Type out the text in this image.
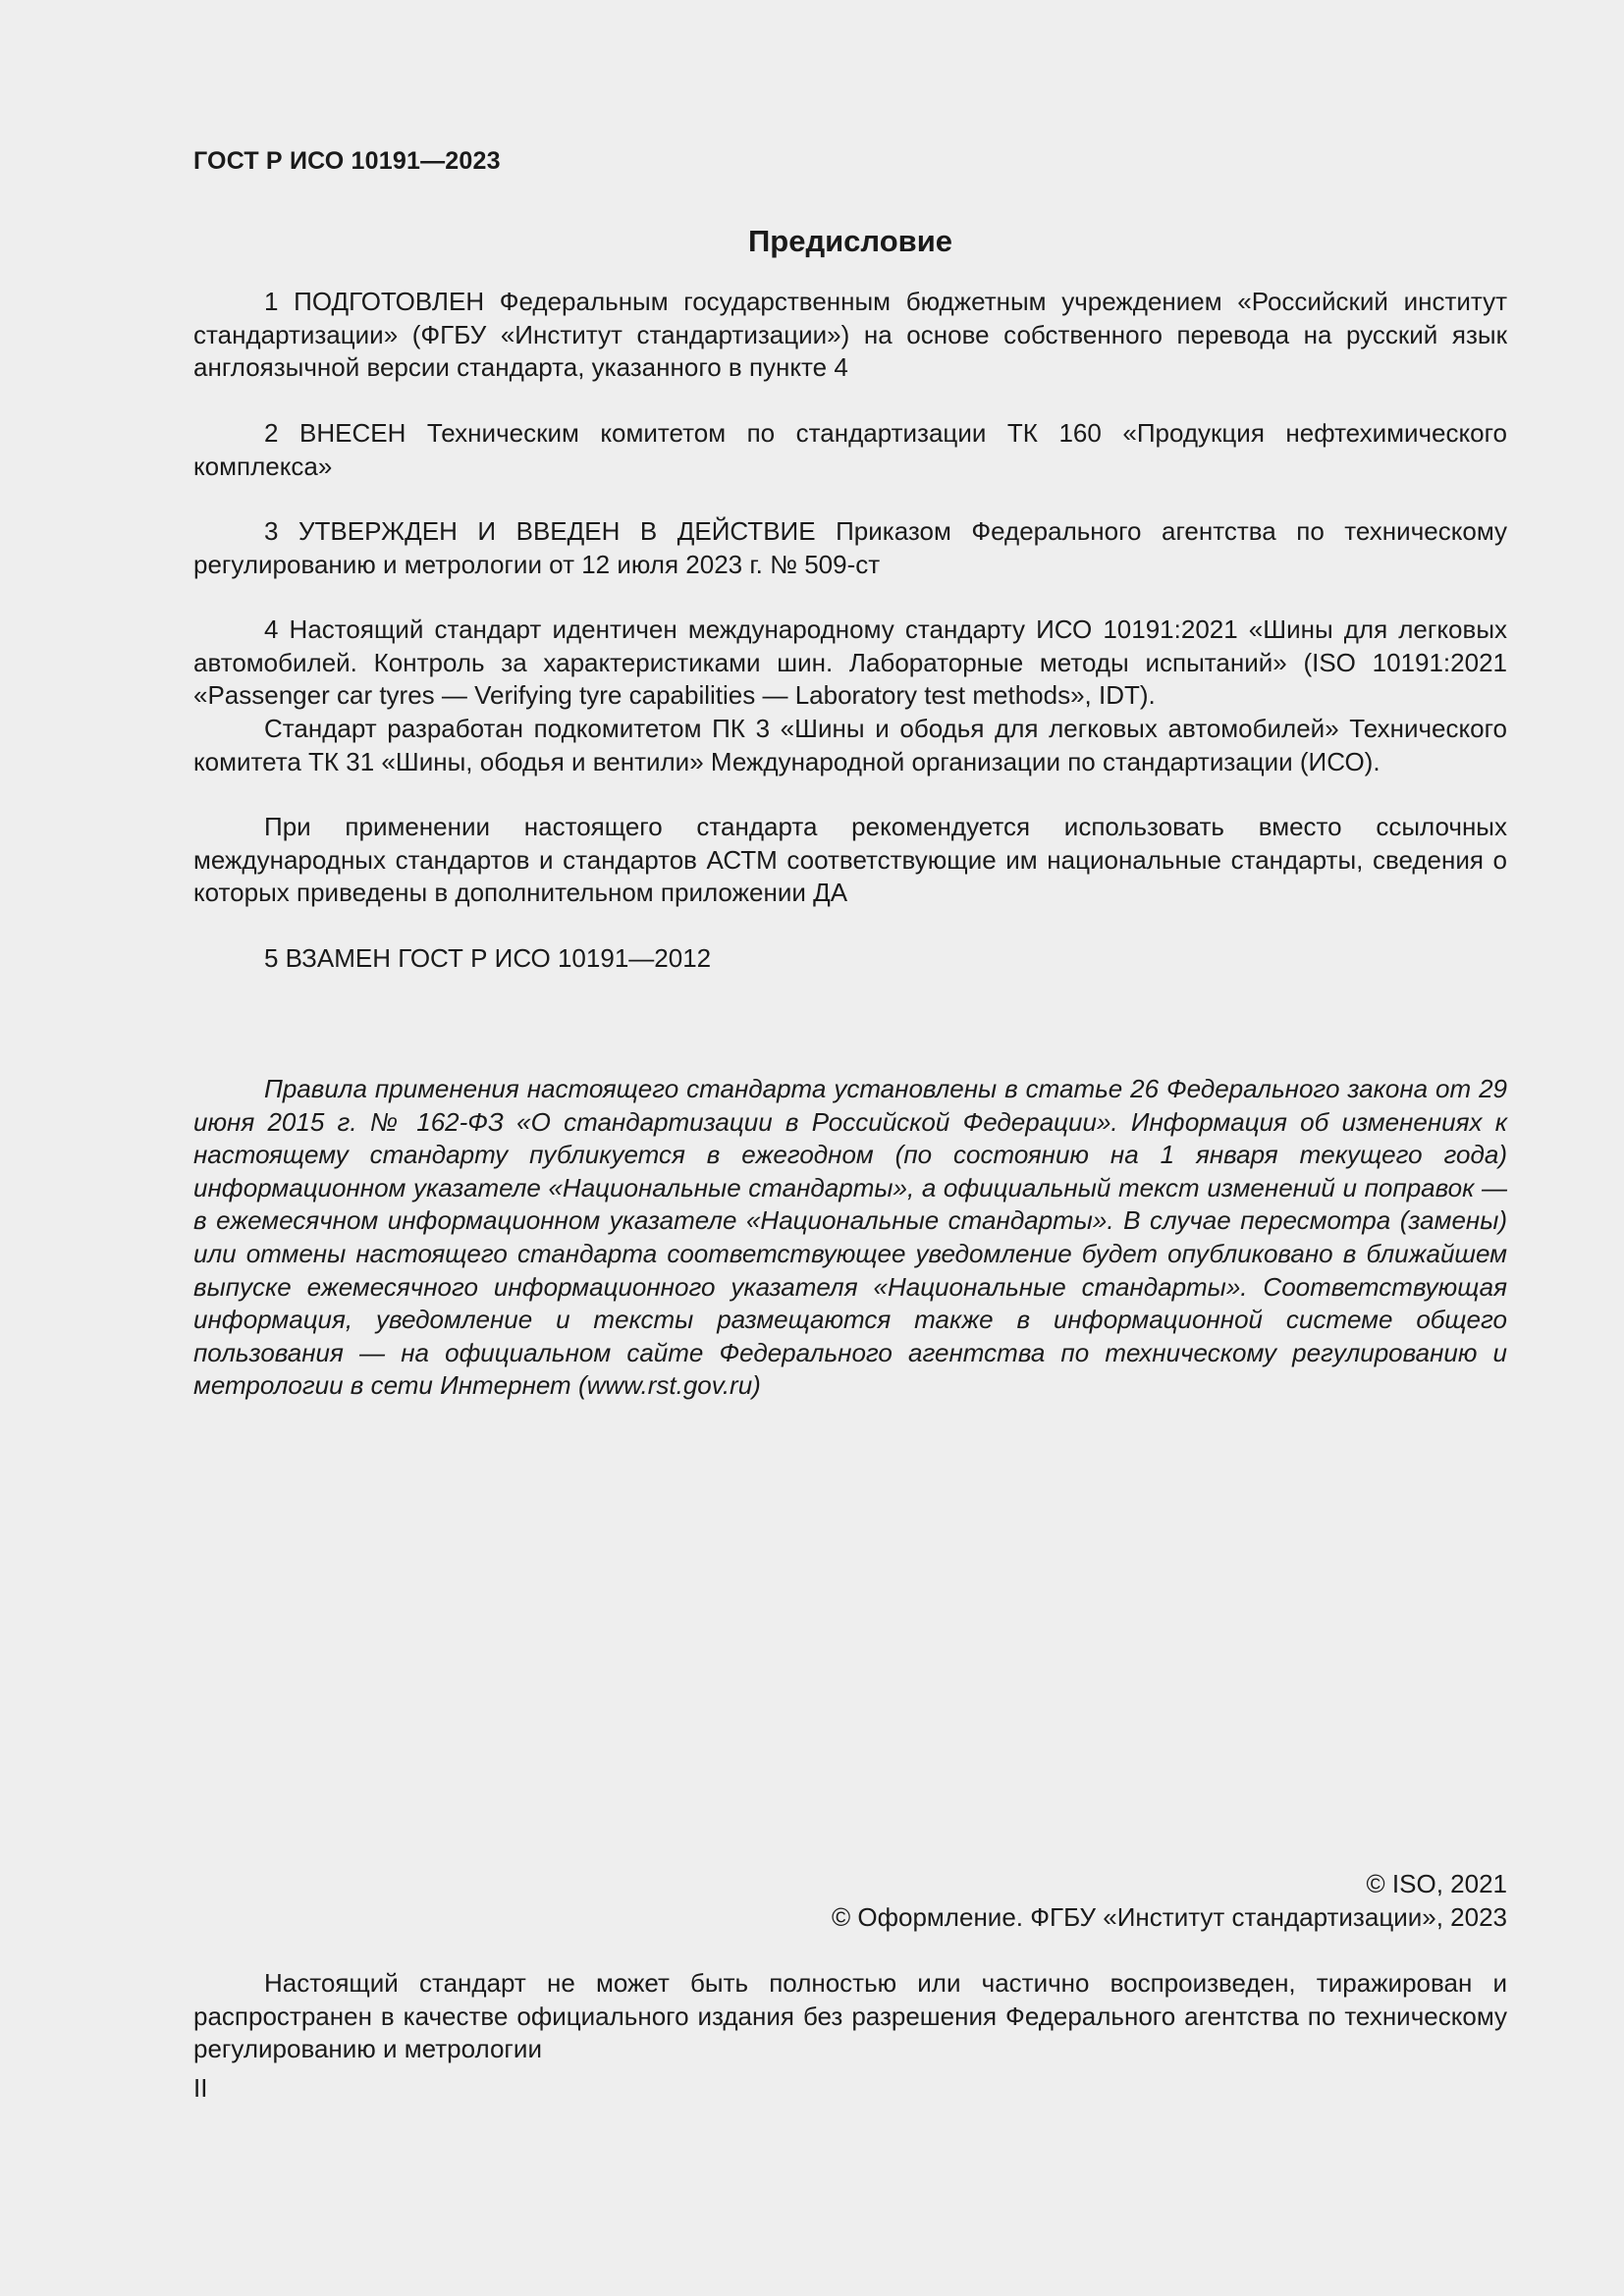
ГОСТ Р ИСО 10191—2023
Предисловие

1 ПОДГОТОВЛЕН Федеральным государственным бюджетным учреждением «Российский институт стандартизации» (ФГБУ «Институт стандартизации») на основе собственного перевода на русский язык англоязычной версии стандарта, указанного в пункте 4

2 ВНЕСЕН Техническим комитетом по стандартизации ТК 160 «Продукция нефтехимического комплекса»

3 УТВЕРЖДЕН И ВВЕДЕН В ДЕЙСТВИЕ Приказом Федерального агентства по техническому регулированию и метрологии от 12 июля 2023 г. № 509-ст

4 Настоящий стандарт идентичен международному стандарту ИСО 10191:2021 «Шины для легковых автомобилей. Контроль за характеристиками шин. Лабораторные методы испытаний» (ISO 10191:2021 «Passenger car tyres — Verifying tyre capabilities — Laboratory test methods», IDT).

Стандарт разработан подкомитетом ПК 3 «Шины и ободья для легковых автомобилей» Технического комитета ТК 31 «Шины, ободья и вентили» Международной организации по стандартизации (ИСО).

При применении настоящего стандарта рекомендуется использовать вместо ссылочных международных стандартов и стандартов АСТМ соответствующие им национальные стандарты, сведения о которых приведены в дополнительном приложении ДА

5 ВЗАМЕН ГОСТ Р ИСО 10191—2012

Правила применения настоящего стандарта установлены в статье 26 Федерального закона от 29 июня 2015 г. № 162-ФЗ «О стандартизации в Российской Федерации». Информация об изменениях к настоящему стандарту публикуется в ежегодном (по состоянию на 1 января текущего года) информационном указателе «Национальные стандарты», а официальный текст изменений и поправок — в ежемесячном информационном указателе «Национальные стандарты». В случае пересмотра (замены) или отмены настоящего стандарта соответствующее уведомление будет опубликовано в ближайшем выпуске ежемесячного информационного указателя «Национальные стандарты». Соответствующая информация, уведомление и тексты размещаются также в информационной системе общего пользования — на официальном сайте Федерального агентства по техническому регулированию и метрологии в сети Интернет (www.rst.gov.ru)

© ISO, 2021
© Оформление. ФГБУ «Институт стандартизации», 2023

Настоящий стандарт не может быть полностью или частично воспроизведен, тиражирован и распространен в качестве официального издания без разрешения Федерального агентства по техническому регулированию и метрологии

II
